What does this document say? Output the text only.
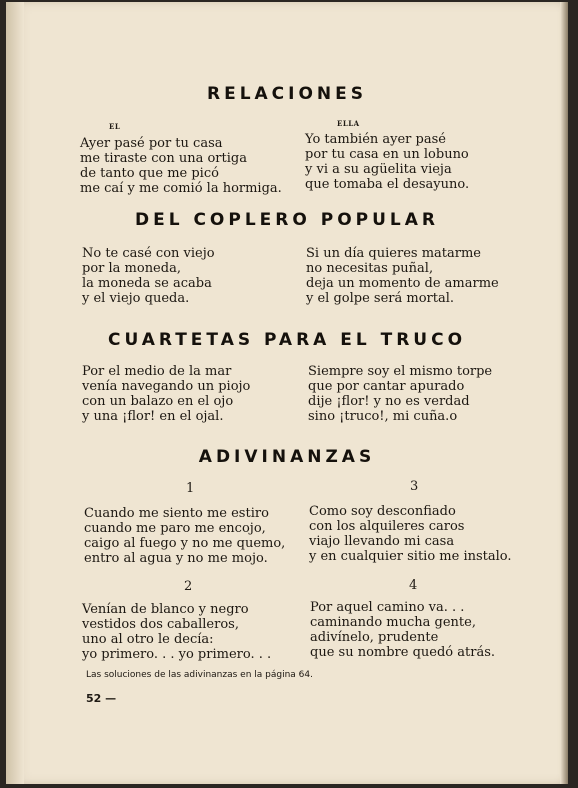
RELACIONES
EL	ELLA
Ayer pasé por tu casa
me tiraste con una ortiga
de tanto que me picó
me caí y me comió la hormiga.
Yo también ayer pasé
por tu casa en un lobuno
y vi a su agüelita vieja
que tomaba el desayuno.
DEL COPLERO POPULAR
No te casé con viejo
por la moneda,
la moneda se acaba
y el viejo queda.
Si un día quieres matarme
no necesitas puñal,
deja un momento de amarme
y el golpe será mortal.
CUARTETAS PARA EL TRUCO
Por el medio de la mar
venía navegando un piojo
con un balazo en el ojo
y una ¡flor! en el ojal.
Siempre soy el mismo torpe
que por cantar apurado
dije ¡flor! y no es verdad
sino ¡truco!, mi cuña.o
ADIVINANZAS
1
Cuando me siento me estiro
cuando me paro me encojo,
caigo al fuego y no me quemo,
entro al agua y no me mojo.
3
Como soy desconfiado
con los alquileres caros
viajo llevando mi casa
y en cualquier sitio me instalo.
2
Venían de blanco y negro
vestidos dos caballeros,
uno al otro le decía:
yo primero. . . yo primero. . .
4
Por aquel camino va. . .
caminando mucha gente,
adivínelo, prudente
que su nombre quedó atrás.
Las soluciones de las adivinanzas en la página 64.
52 —
